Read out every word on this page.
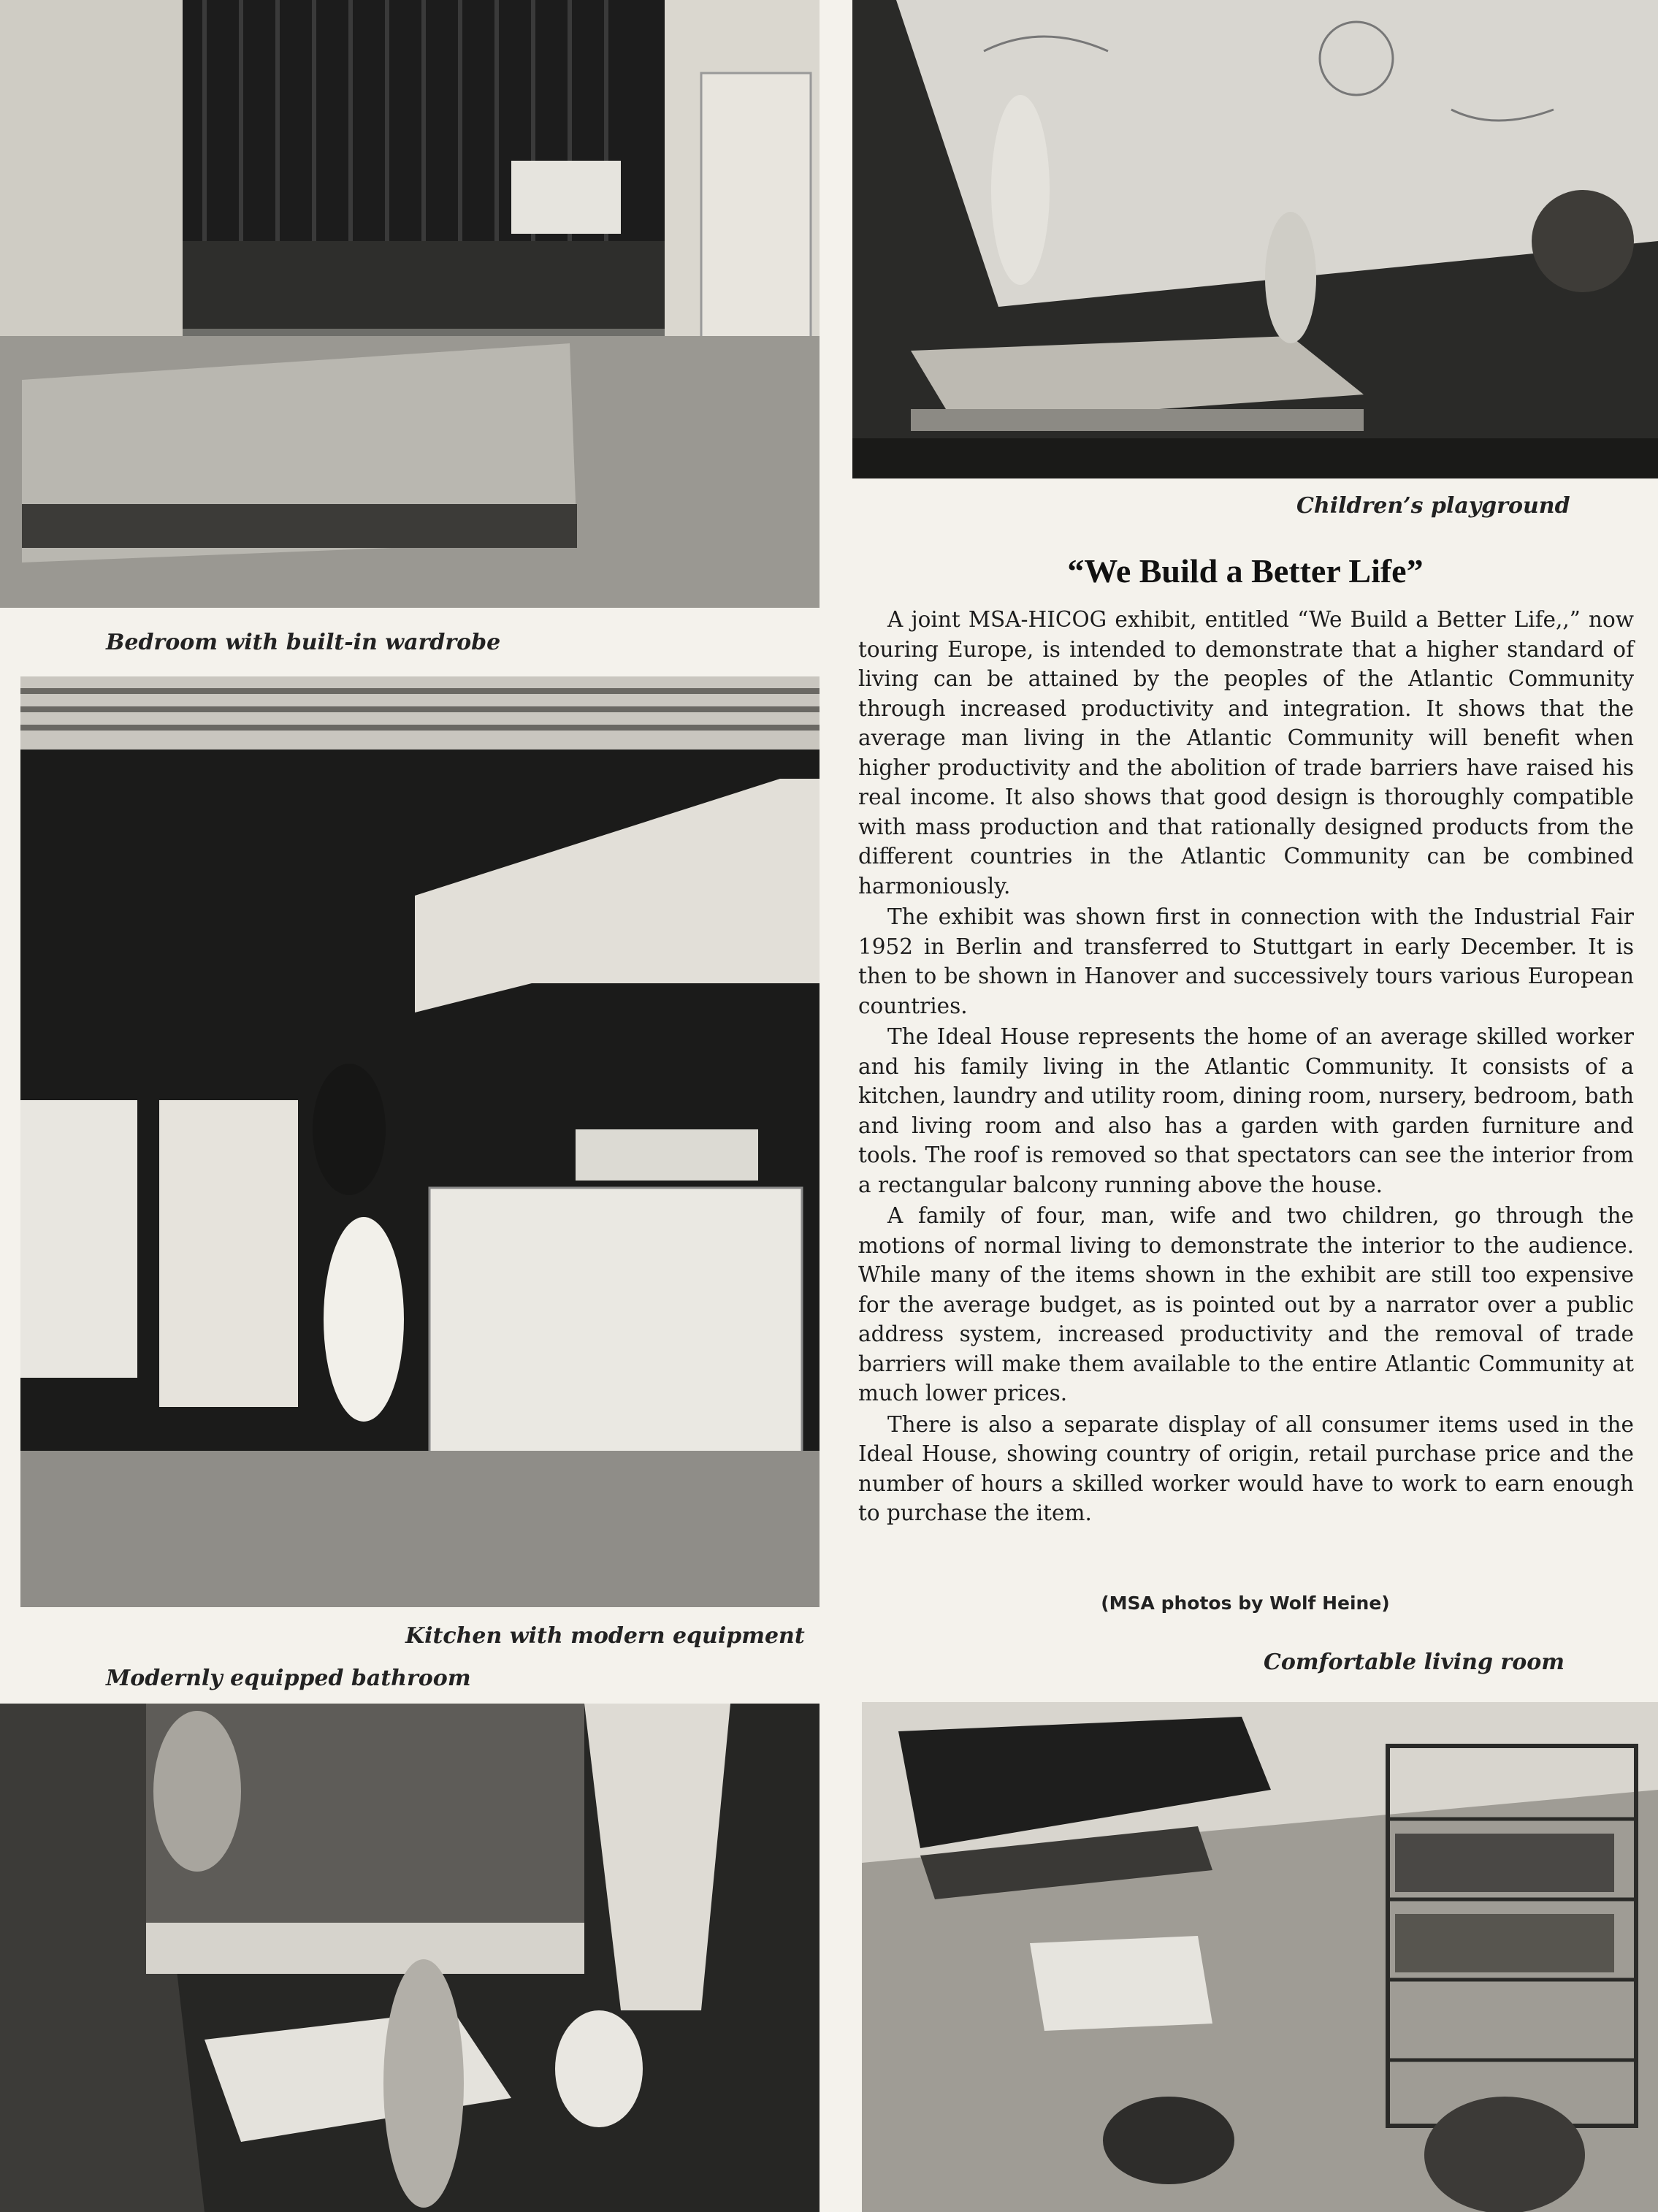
Bedroom with built-in wardrobe
Children’s playground
Kitchen with modern equipment
“We Build a Better Life”

A joint MSA-HICOG exhibit, entitled “We Build a Better Life,,” now touring Europe, is intended to demonstrate that a higher standard of living can be attained by the peoples of the Atlantic Community through increased productivity and integration. It shows that the average man living in the Atlantic Community will benefit when higher productivity and the abolition of trade barriers have raised his real income. It also shows that good design is thoroughly compatible with mass production and that rationally designed products from the different countries in the Atlantic Community can be combined harmoniously.

The exhibit was shown first in connection with the Industrial Fair 1952 in Berlin and transferred to Stuttgart in early December. It is then to be shown in Hanover and successively tours various European countries.

The Ideal House represents the home of an average skilled worker and his family living in the Atlantic Community. It consists of a kitchen, laundry and utility room, dining room, nursery, bedroom, bath and living room and also has a garden with garden furniture and tools. The roof is removed so that spectators can see the interior from a rectangular balcony running above the house.

A family of four, man, wife and two children, go through the motions of normal living to demonstrate the interior to the audience. While many of the items shown in the exhibit are still too expensive for the average budget, as is pointed out by a narrator over a public address system, increased productivity and the removal of trade barriers will make them available to the entire Atlantic Community at much lower prices.

There is also a separate display of all consumer items used in the Ideal House, showing country of origin, retail purchase price and the number of hours a skilled worker would have to work to earn enough to purchase the item.

(MSA photos by Wolf Heine)
Modernly equipped bathroom
Comfortable living room
